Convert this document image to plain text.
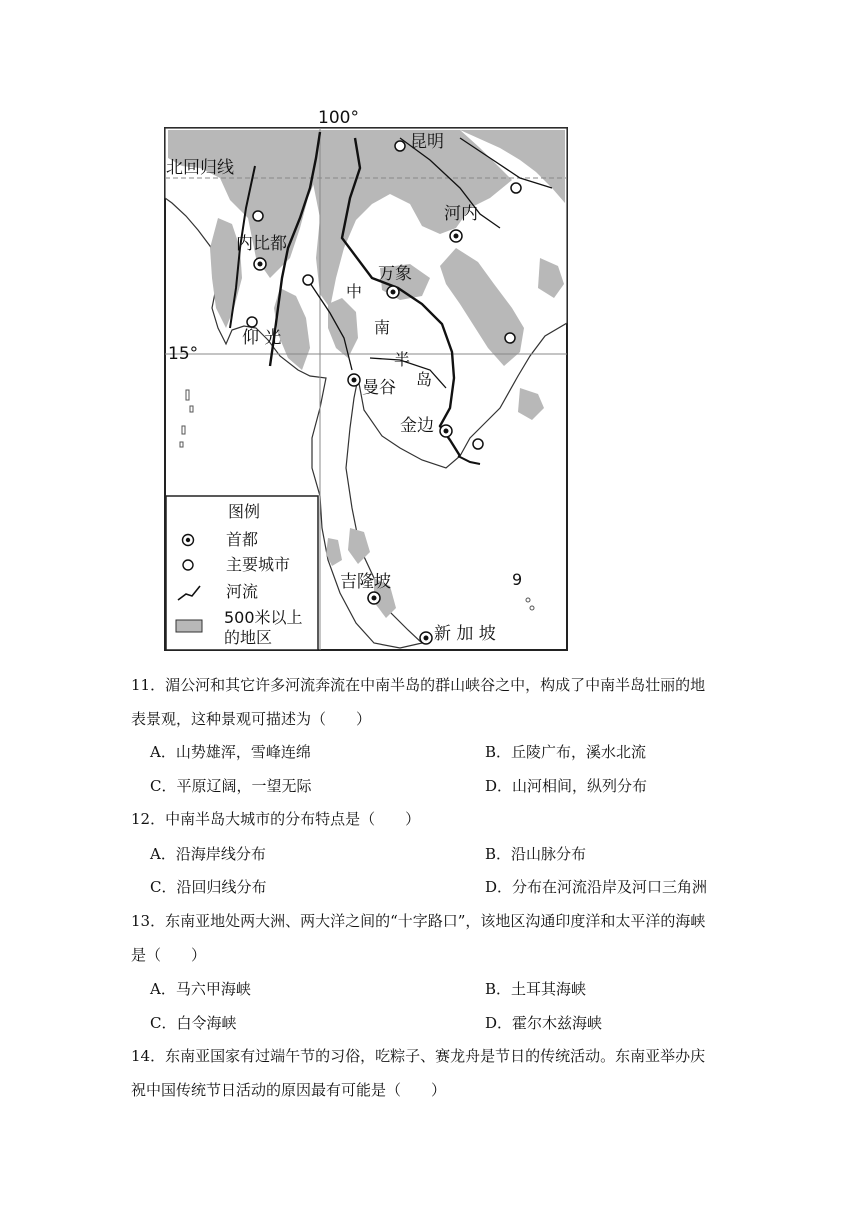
100°
北回归线
15°
昆明
河内
内比都
万象
中
南
半
岛
仰 光
曼谷
金边
吉隆坡
新 加 坡
9
图例
首都
主要城市
河流
500米以上
的地区
11．湄公河和其它许多河流奔流在中南半岛的群山峡谷之中，构成了中南半岛壮丽的地
表景观，这种景观可描述为（　　）
A．山势雄浑，雪峰连绵	B．丘陵广布，溪水北流
C．平原辽阔，一望无际	D．山河相间，纵列分布
12．中南半岛大城市的分布特点是（　　）
A．沿海岸线分布	B．沿山脉分布
C．沿回归线分布	D．分布在河流沿岸及河口三角洲
13．东南亚地处两大洲、两大洋之间的“十字路口”，该地区沟通印度洋和太平洋的海峡
是（　　）
A．马六甲海峡	B．土耳其海峡
C．白令海峡	D．霍尔木兹海峡
14．东南亚国家有过端午节的习俗，吃粽子、赛龙舟是节日的传统活动。东南亚举办庆
祝中国传统节日活动的原因最有可能是（　　）
